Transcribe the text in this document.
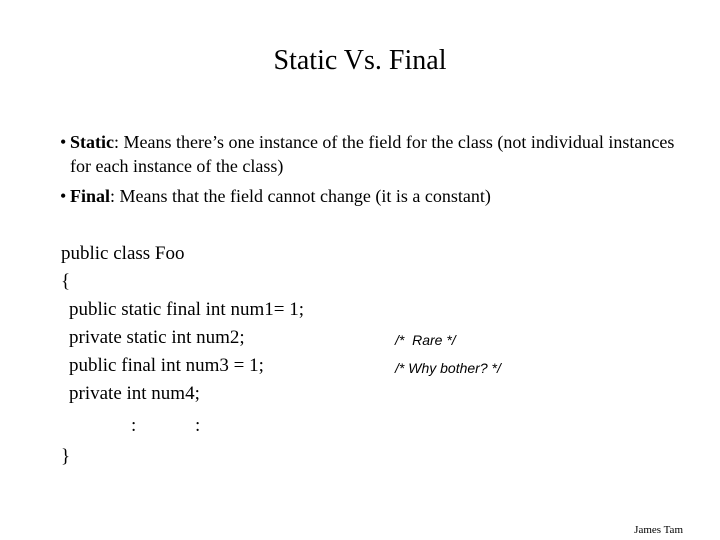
Static Vs. Final
• Static: Means there’s one instance of the field for the class (not individual instances for each instance of the class)
• Final: Means that the field cannot change (it is a constant)
public class Foo
{
public static final int num1= 1;
private static int num2;
public final int num3 = 1;
private int num4;
:	:
}
/*  Rare */
/* Why bother? */
James Tam
